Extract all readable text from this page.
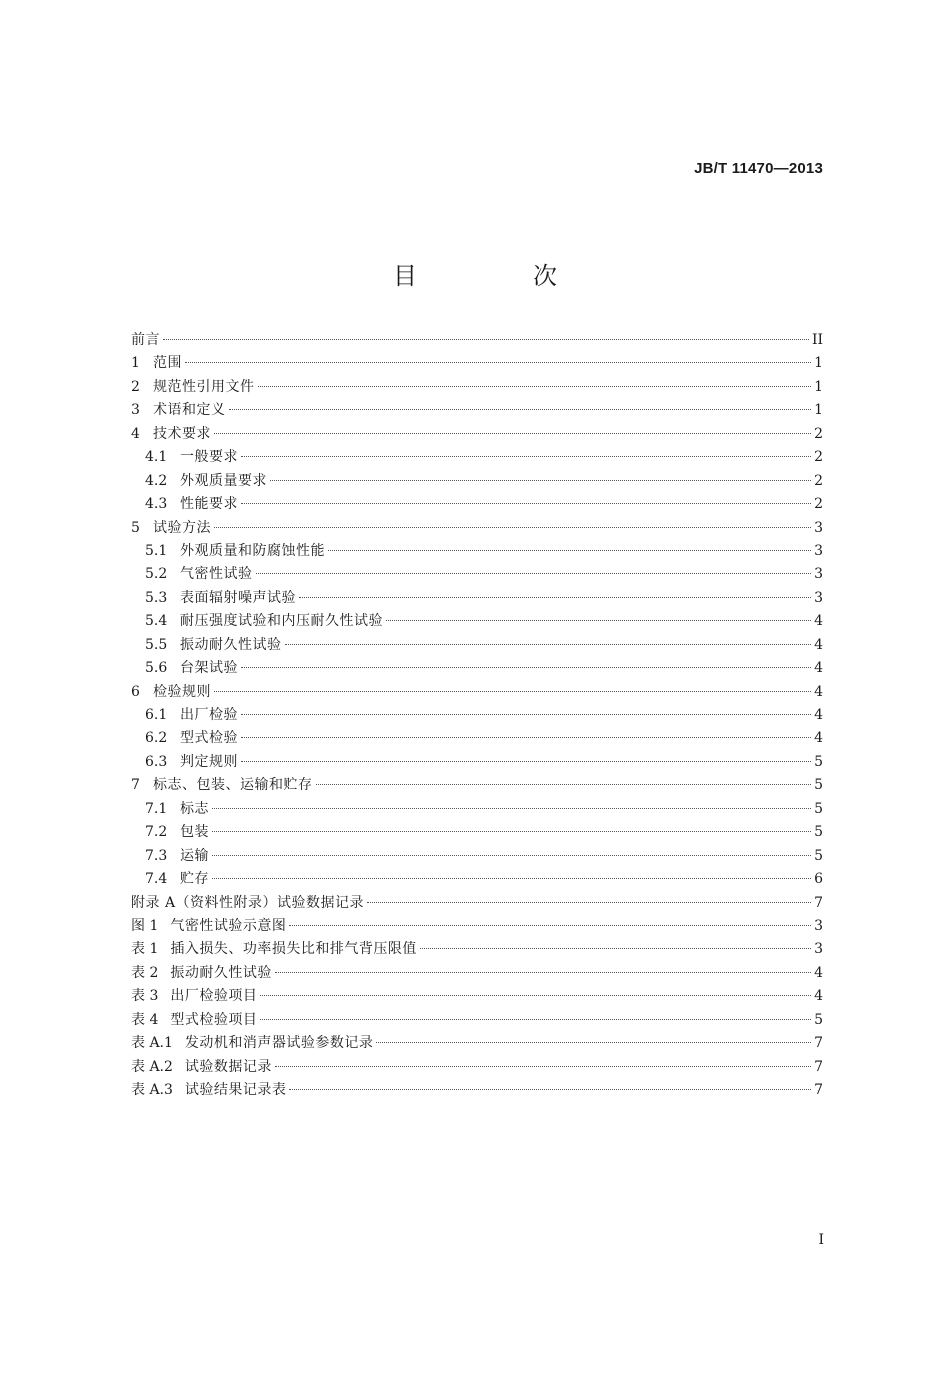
JB/T 11470—2013
目　次
前言	II
1 范围	1
2 规范性引用文件	1
3 术语和定义	1
4 技术要求	2
4.1 一般要求	2
4.2 外观质量要求	2
4.3 性能要求	2
5 试验方法	3
5.1 外观质量和防腐蚀性能	3
5.2 气密性试验	3
5.3 表面辐射噪声试验	3
5.4 耐压强度试验和内压耐久性试验	4
5.5 振动耐久性试验	4
5.6 台架试验	4
6 检验规则	4
6.1 出厂检验	4
6.2 型式检验	4
6.3 判定规则	5
7 标志、包装、运输和贮存	5
7.1 标志	5
7.2 包装	5
7.3 运输	5
7.4 贮存	6
附录 A（资料性附录）试验数据记录	7
图 1 气密性试验示意图	3
表 1 插入损失、功率损失比和排气背压限值	3
表 2 振动耐久性试验	4
表 3 出厂检验项目	4
表 4 型式检验项目	5
表 A.1 发动机和消声器试验参数记录	7
表 A.2 试验数据记录	7
表 A.3 试验结果记录表	7
I
